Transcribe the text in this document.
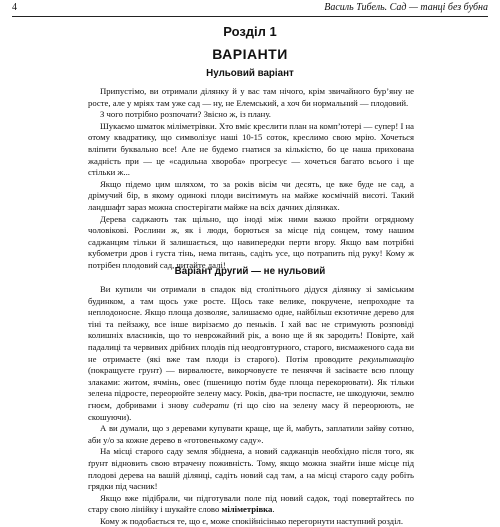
4	Василь Тибель. Сад — танці без бубна
Розділ 1
ВАРІАНТИ
Нульовий варіант

Припустімо, ви отримали ділянку й у вас там нічого, крім звичайного бур’яну не росте, але у мріях там уже сад — ну, не Елемський, а хоч би нормальний — плодовий.

З чого потрібно розпочати? Звісно ж, із плану.

Шукаємо шматок міліметрівки. Хто вміє креслити план на комп’ютері — супер! І на отому квадратику, що символізує наші 10-15 соток, креслимо свою мрію. Хочеться вліпити буквально все! Але не будемо гнатися за кількістю, бо це наша прихована жадність при — це «садильна хвороба» прогресує — хочеться багато всього і ще стільки ж...

Якщо підемо цим шляхом, то за років вісім чи десять, це вже буде не сад, а дрімучий бір, в якому одинокі плоди висітимуть на майже космічній висоті. Такий ландшафт зараз можна спостерігати майже на всіх дачних ділянках.

Дерева саджають так щільно, що іноді між ними важко пройти огрядному чоловікові. Рослини ж, як і люди, борються за місце під сонцем, тому нашим саджанцям тільки й залишається, що навипередки перти вгору. Якщо вам потрібні кубометри дров і густа тінь, нема питань, садіть усе, що потрапить під руку! Кому ж потрібен плодовий сад, читайте далі!

Варіант другий — не нульовий

Ви купили чи отримали в спадок від столітнього дідуся ділянку зі заміським будинком, а там щось уже росте. Щось таке велике, покручене, непроходне та неплодоносне. Якщо площа дозволяє, залишаємо одне, найбільш екзотичне дерево для тіні та пейзажу, все інше вирізаємо до пеньків. І хай вас не стримують розповіді колишніх власників, що то неврожайний рік, а воно ще й як зародить! Повірте, хай падалиці та червивих дрібних плодів під неодговтурного, старого, висмаженого сада ви не отримаєте (які вже там плоди із старого). Потім проводите рекультивацію (покращуєте грунт) — вирвалюєте, викорчовуєте те пеняччя й засіваєте всю площу злаками: житом, ячмінь, овес (пшеницю потім буде площа перекорювати). Як тільки зелена підросте, переорюйте зелену масу. Років, два-три поспасте, не шкодуючи, землю гноєм, добривами і знову сидерати (ті що сію на зелену масу й переорюють, не скошуючи).

А ви думали, що з деревами купувати краще, ще й, мабуть, заплатили зайву сотню, аби у/о за кожне дерево в «готовенькому саду».

На місці старого саду земля збіднена, а новий саджанців необхідно після того, як ґрунт відновить свою втрачену поживність. Тому, якщо можна знайти інше місце під плодові дерева на вашій ділянці, садіть новий сад там, а на місці старого саду робіть грядки під часник!

Якщо вже підібрали, чи підготували поле під новий садок, тоді повертайтесь по стару свою лінійку і шукайте слово міліметрівка.

Кому ж подобається те, що є, може спокійнісінько перегорнути наступний розділ.
